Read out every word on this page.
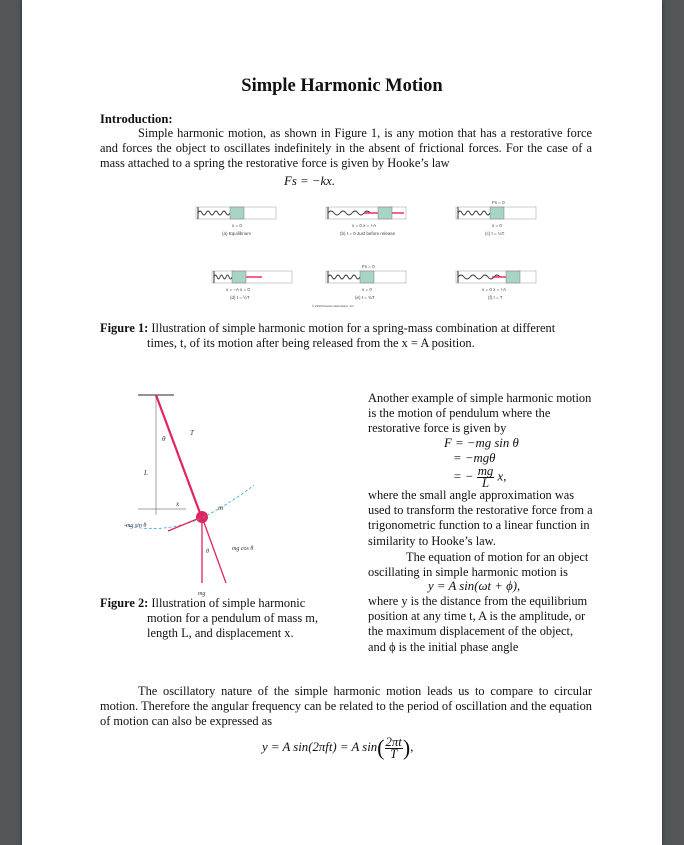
Simple Harmonic Motion
Introduction:
Simple harmonic motion, as shown in Figure 1, is any motion that has a restorative force and forces the object to oscillates indefinitely in the absent of frictional forces. For the case of a mass attached to a spring the restorative force is given by Hooke’s law
Fs = −kx.
x = 0
(a) Equilibrium
x = 0 x = +A
(b) t = 0 Just before release
Fs = 0
x = 0
(c) t = ¼T
x = −A x = 0
(d) t = ½T
Fs = 0
x = 0
(e) t = ¾T
x = 0 x = +A
(f) t = T
© 2010 Pearson Education, Inc.
Figure 1: Illustration of simple harmonic motion for a spring-mass combination at different
times, t, of its motion after being released from the x = A position.
θ
T
L
x	m
mg sin θ
mg cos θ
θ
mg
Figure 2: Illustration of simple harmonic
motion for a pendulum of mass m, length L, and displacement x.
Another example of simple harmonic motion is the motion of pendulum where the restorative force is given by
F = −mg sin θ
= −mgθ
= − $\frac{mg}{L} x$,
where the small angle approximation was used to transform the restorative force from a trigonometric function to a linear function in similarity to Hooke’s law.
The equation of motion for an object oscillating in simple harmonic motion is
y = A sin(ωt + ϕ),
where y is the distance from the equilibrium position at any time t, A is the amplitude, or the maximum displacement of the object, and ϕ is the initial phase angle
The oscillatory nature of the simple harmonic motion leads us to compare to circular motion. Therefore the angular frequency can be related to the period of oscillation and the equation of motion can also be expressed as
y = A sin(2πft) = A $\sin( \frac{2\pi t}{T}$ ),
